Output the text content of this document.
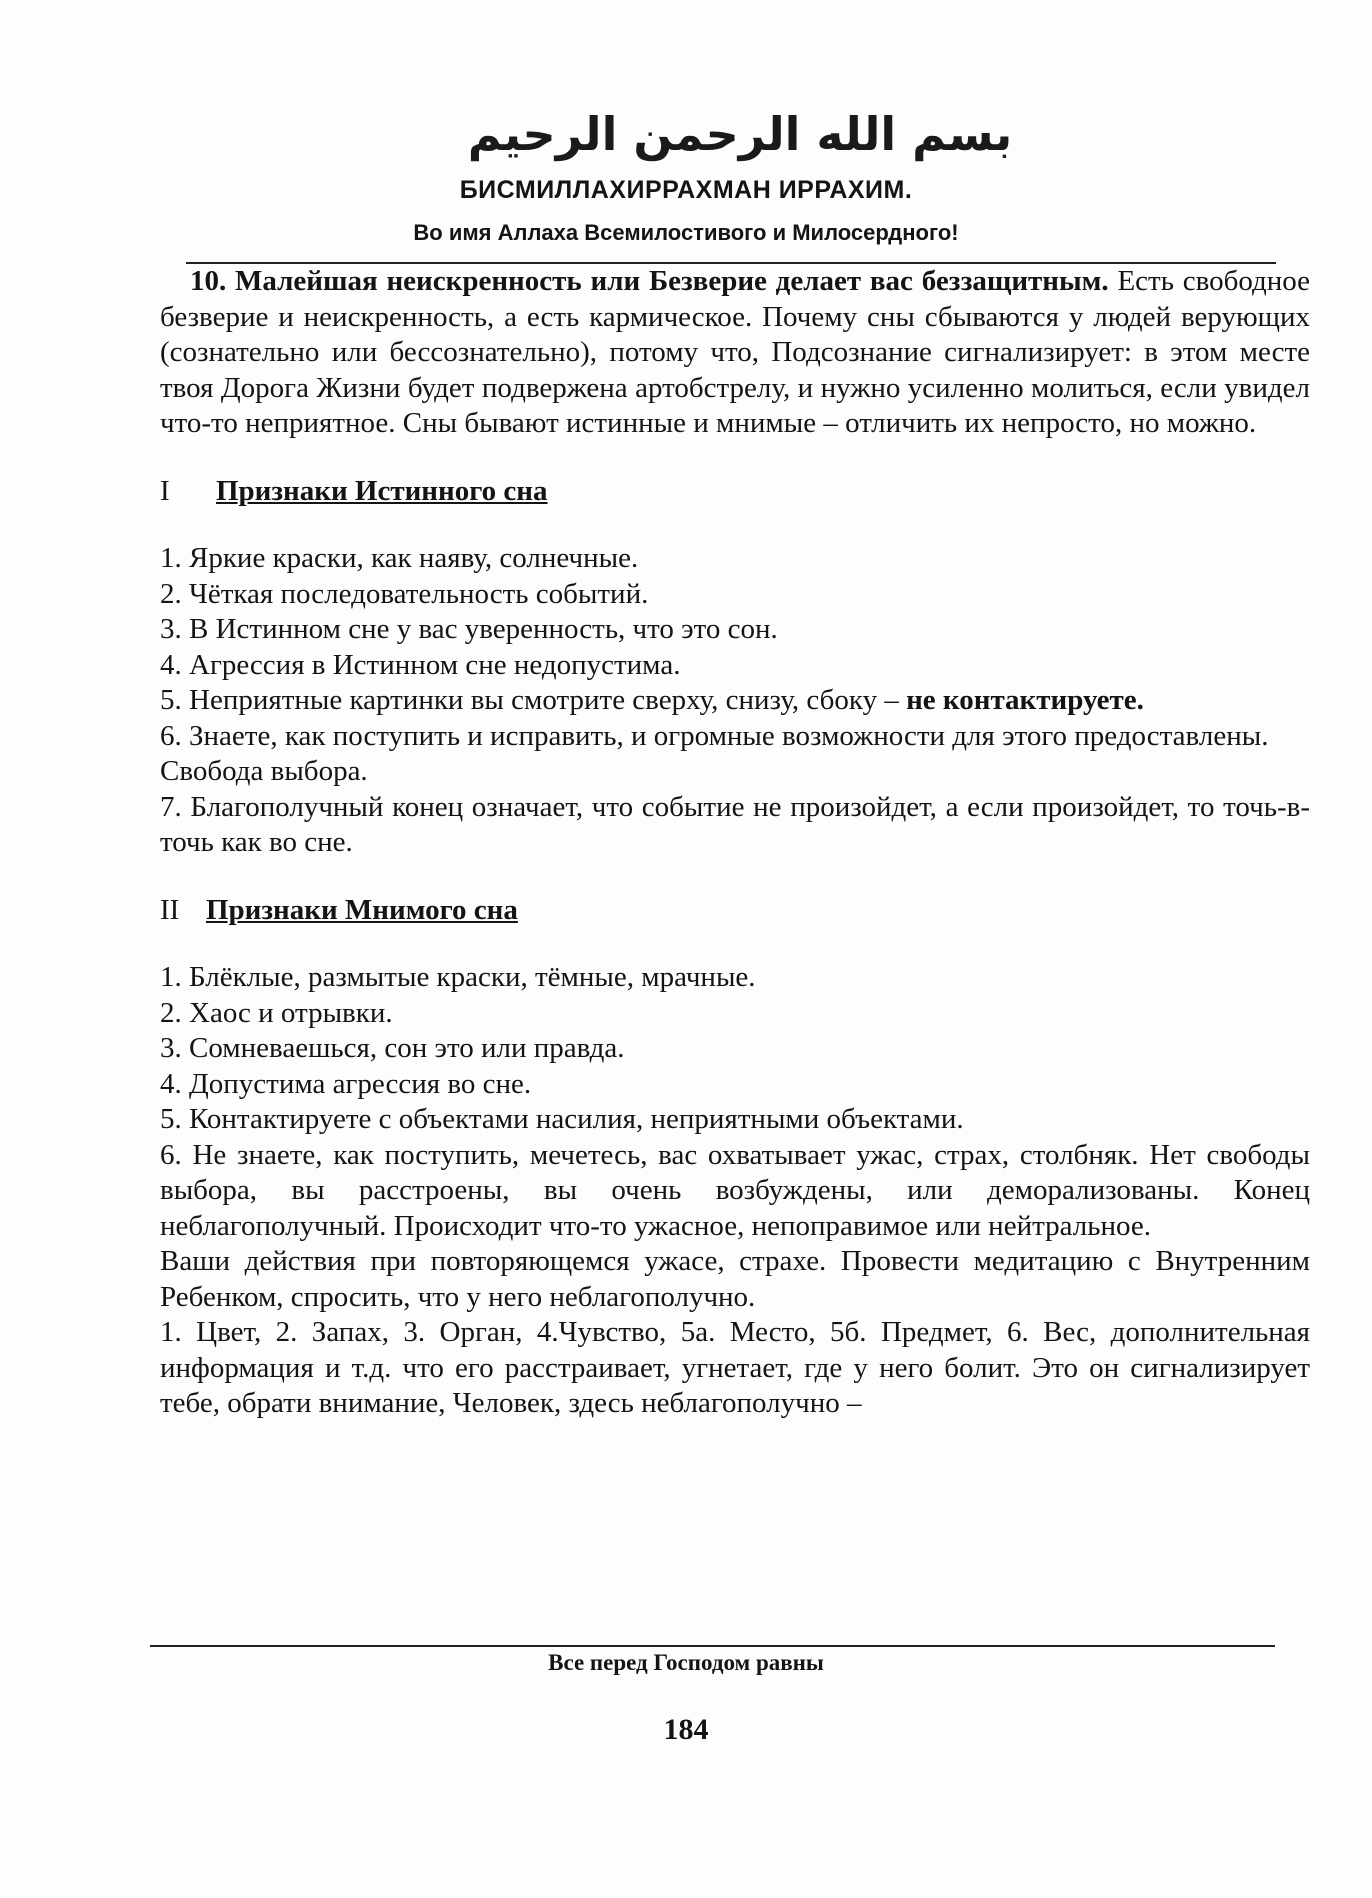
بسم الله الرحمن الرحيم
БИСМИЛЛАХИРРАХМАН ИРРАХИМ.
Во имя Аллаха Всемилостивого и Милосердного!

10. Малейшая неискренность или Безверие делает вас беззащитным. Есть свободное безверие и неискренность, а есть кармическое. Почему сны сбываются у людей верующих (сознательно или бессознательно), потому что, Подсознание сигнализирует: в этом месте твоя Дорога Жизни будет подвержена артобстрелу, и нужно усиленно молиться, если увидел что-то неприятное. Сны бывают истинные и мнимые – отличить их непросто, но можно.

I Признаки Истинного сна

1. Яркие краски, как наяву, солнечные.

2. Чёткая последовательность событий.

3. В Истинном сне у вас уверенность, что это сон.

4. Агрессия в Истинном сне недопустима.

5. Неприятные картинки вы смотрите сверху, снизу, сбоку – не контактируете.

6. Знаете, как поступить и исправить, и огромные возможности для этого предоставлены.

Свобода выбора.

7. Благополучный конец означает, что событие не произойдет, а если произойдет, то точь-в-точь как во сне.

II Признаки Мнимого сна

1. Блёклые, размытые краски, тёмные, мрачные.

2. Хаос и отрывки.

3. Сомневаешься, сон это или правда.

4. Допустима агрессия во сне.

5. Контактируете с объектами насилия, неприятными объектами.

6. Не знаете, как поступить, мечетесь, вас охватывает ужас, страх, столбняк. Нет свободы выбора, вы расстроены, вы очень возбуждены, или деморализованы. Конец неблагополучный. Происходит что-то ужасное, непоправимое или нейтральное.

Ваши действия при повторяющемся ужасе, страхе. Провести медитацию с Внутренним Ребенком, спросить, что у него неблагополучно.

1. Цвет, 2. Запах, 3. Орган, 4.Чувство, 5а. Место, 5б. Предмет, 6. Вес, дополнительная информация и т.д. что его расстраивает, угнетает, где у него болит. Это он сигнализирует тебе, обрати внимание, Человек, здесь неблагополучно –

Все перед Господом равны
184
